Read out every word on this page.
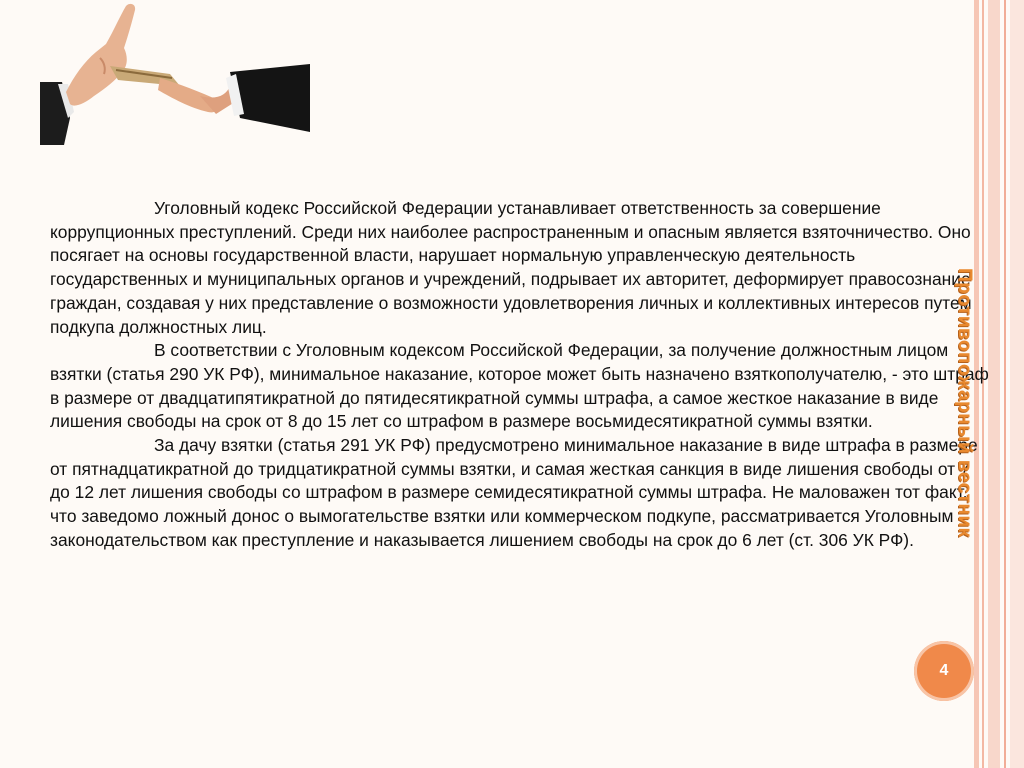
Уголовный кодекс Российской Федерации устанавливает ответственность за совершение коррупционных преступлений. Среди них наиболее распространенным и опасным является взяточничество. Оно посягает на основы государственной власти, нарушает нормальную управленческую деятельность государственных и муниципальных органов и учреждений, подрывает их авторитет, деформирует правосознание граждан, создавая у них представление о возможности удовлетворения личных и коллективных интересов путем подкупа должностных лиц.

В соответствии с Уголовным кодексом Российской Федерации, за получение должностным лицом взятки (статья 290 УК РФ), минимальное наказание, которое может быть назначено взяткополучателю, - это штраф в размере от двадцатипятикратной до пятидесятикратной суммы штрафа, а самое жесткое наказание в виде лишения свободы на срок от 8 до 15 лет со штрафом в размере восьмидесятикратной суммы взятки.

За дачу взятки (статья 291 УК РФ) предусмотрено минимальное наказание в виде штрафа в размере от пятнадцатикратной до тридцатикратной суммы взятки, и самая жесткая санкция в виде лишения свободы от 7 до 12 лет лишения свободы со штрафом в размере семидесятикратной суммы штрафа. Не маловажен тот факт, что заведомо ложный донос о вымогательстве взятки или коммерческом подкупе, рассматривается Уголовным законодательством как преступление и наказывается лишением свободы на срок до 6 лет (ст. 306 УК РФ).

Противопожарный вестник
4
